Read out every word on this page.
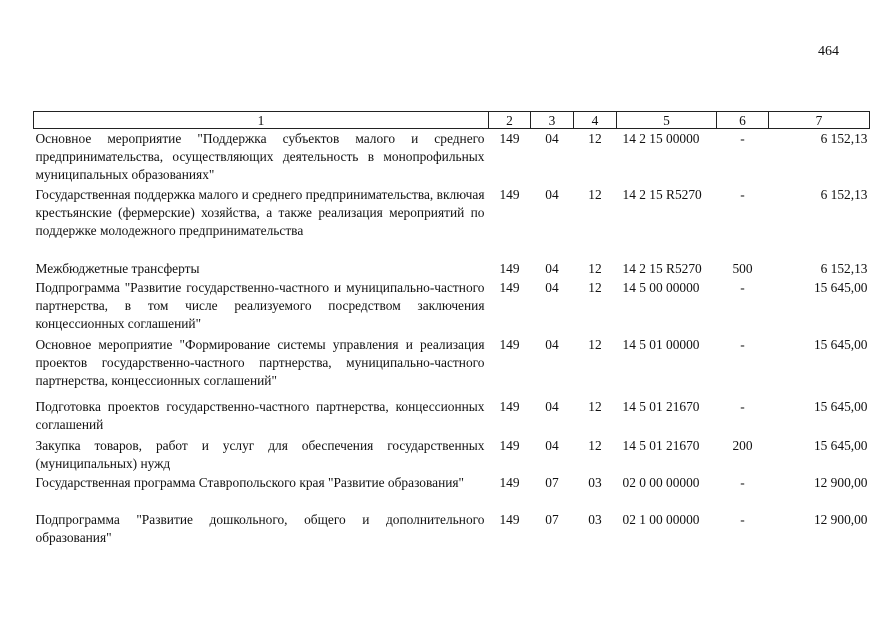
464
1	2	3	4	5	6	7
Основное мероприятие "Поддержка субъектов малого и среднего предпринимательства, осуществляющих деятельность в монопрофильных муниципальных образованиях"	149	04	12	14 2 15 00000	-	6 152,13
Государственная поддержка малого и среднего предпринимательства, включая крестьянские (фермерские) хозяйства, а также реализация мероприятий по поддержке молодежного предпринимательства	149	04	12	14 2 15 R5270	-	6 152,13
Межбюджетные трансферты	149	04	12	14 2 15 R5270	500	6 152,13
Подпрограмма "Развитие государственно-частного и муниципально-частного партнерства, в том числе реализуемого посредством заключения концессионных соглашений"	149	04	12	14 5 00 00000	-	15 645,00
Основное мероприятие "Формирование системы управления и реализация проектов государственно-частного партнерства, муниципально-частного партнерства, концессионных соглашений"	149	04	12	14 5 01 00000	-	15 645,00
Подготовка проектов государственно-частного партнерства, концессионных соглашений	149	04	12	14 5 01 21670	-	15 645,00
Закупка товаров, работ и услуг для обеспечения государственных (муниципальных) нужд	149	04	12	14 5 01 21670	200	15 645,00
Государственная программа Ставропольского края "Развитие образования"	149	07	03	02 0 00 00000	-	12 900,00
Подпрограмма "Развитие дошкольного, общего и дополнительного образования"	149	07	03	02 1 00 00000	-	12 900,00
